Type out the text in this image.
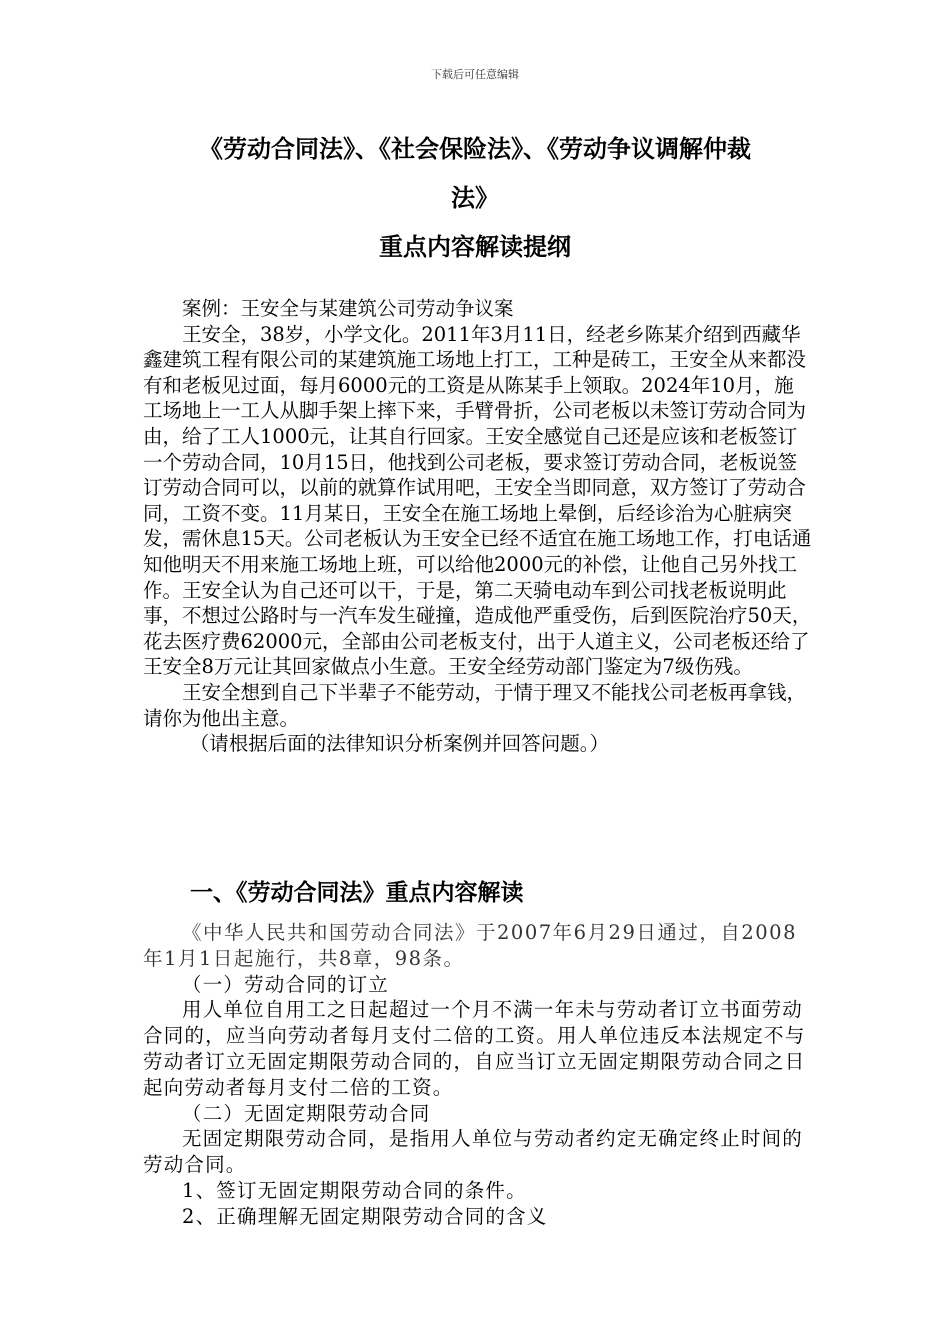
下载后可任意编辑
《劳动合同法》、《社会保险法》、《劳动争议调解仲裁
法》
重点内容解读提纲

案例：王安全与某建筑公司劳动争议案

王安全，38岁，小学文化。2011年3月11日，经老乡陈某介绍到西藏华鑫建筑工程有限公司的某建筑施工场地上打工，工种是砖工，王安全从来都没有和老板见过面，每月6000元的工资是从陈某手上领取。2024年10月，施工场地上一工人从脚手架上摔下来，手臂骨折，公司老板以未签订劳动合同为由，给了工人1000元，让其自行回家。王安全感觉自己还是应该和老板签订一个劳动合同，10月15日，他找到公司老板，要求签订劳动合同，老板说签订劳动合同可以，以前的就算作试用吧，王安全当即同意，双方签订了劳动合同，工资不变。11月某日，王安全在施工场地上晕倒，后经诊治为心脏病突发，需休息15天。公司老板认为王安全已经不适宜在施工场地工作，打电话通知他明天不用来施工场地上班，可以给他2000元的补偿，让他自己另外找工作。王安全认为自己还可以干，于是，第二天骑电动车到公司找老板说明此事，不想过公路时与一汽车发生碰撞，造成他严重受伤，后到医院治疗50天，花去医疗费62000元，全部由公司老板支付，出于人道主义，公司老板还给了王安全8万元让其回家做点小生意。王安全经劳动部门鉴定为7级伤残。

王安全想到自己下半辈子不能劳动，于情于理又不能找公司老板再拿钱，请你为他出主意。

（请根据后面的法律知识分析案例并回答问题。）

一、《劳动合同法》重点内容解读

《中华人民共和国劳动合同法》于2007年6月29日通过，自2008年1月1日起施行，共8章，98条。

（一）劳动合同的订立

用人单位自用工之日起超过一个月不满一年未与劳动者订立书面劳动合同的，应当向劳动者每月支付二倍的工资。用人单位违反本法规定不与劳动者订立无固定期限劳动合同的，自应当订立无固定期限劳动合同之日起向劳动者每月支付二倍的工资。

（二）无固定期限劳动合同

无固定期限劳动合同，是指用人单位与劳动者约定无确定终止时间的劳动合同。

1、签订无固定期限劳动合同的条件。

2、正确理解无固定期限劳动合同的含义
